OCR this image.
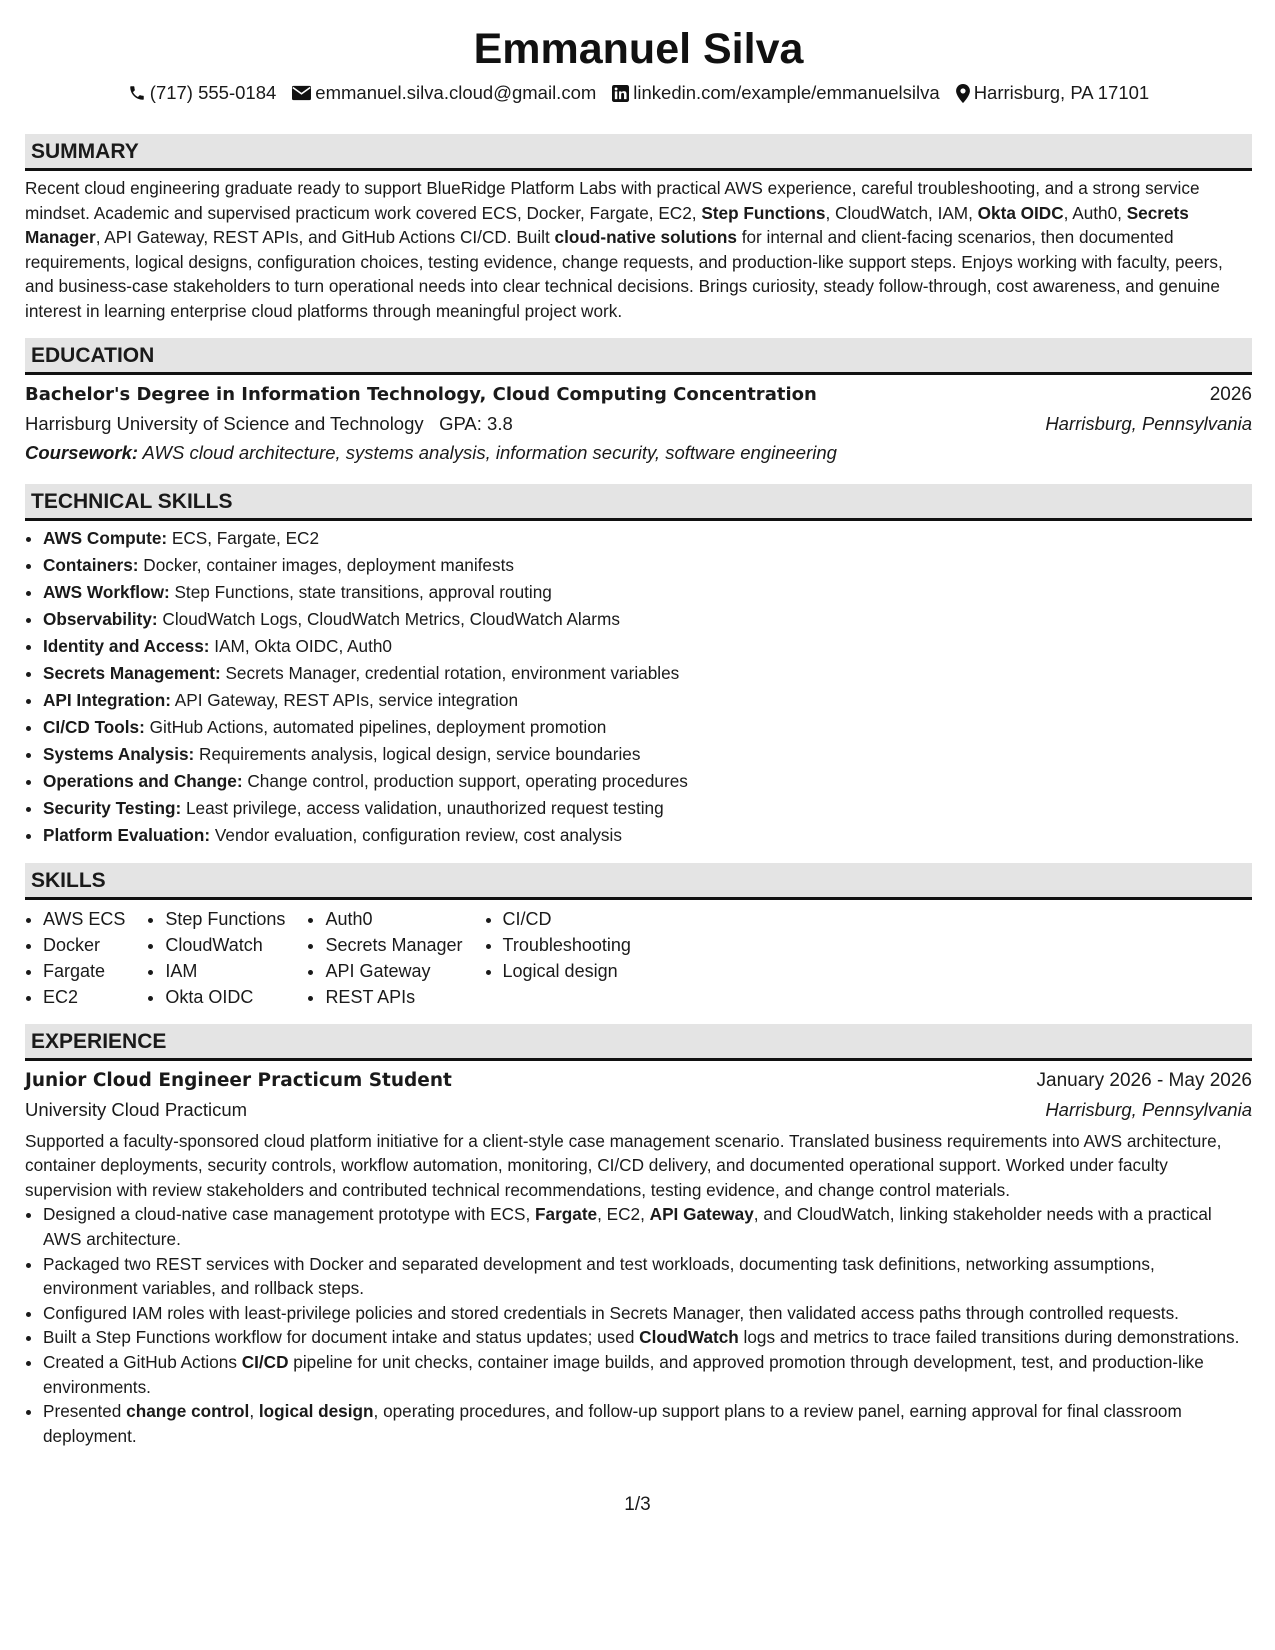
Emmanuel Silva
(717) 555-0184 emmanuel.silva.cloud@gmail.com linkedin.com/example/emmanuelsilva Harrisburg, PA 17101
SUMMARY

Recent cloud engineering graduate ready to support BlueRidge Platform Labs with practical AWS experience, careful troubleshooting, and a strong service mindset. Academic and supervised practicum work covered ECS, Docker, Fargate, EC2, Step Functions, CloudWatch, IAM, Okta OIDC, Auth0, Secrets Manager, API Gateway, REST APIs, and GitHub Actions CI/CD. Built cloud-native solutions for internal and client-facing scenarios, then documented requirements, logical designs, configuration choices, testing evidence, change requests, and production-like support steps. Enjoys working with faculty, peers, and business-case stakeholders to turn operational needs into clear technical decisions. Brings curiosity, steady follow-through, cost awareness, and genuine interest in learning enterprise cloud platforms through meaningful project work.

EDUCATION
Bachelor's Degree in Information Technology, Cloud Computing Concentration	2026
Harrisburg University of Science and Technology GPA: 3.8	Harrisburg, Pennsylvania
Coursework: AWS cloud architecture, systems analysis, information security, software engineering
TECHNICAL SKILLS
• AWS Compute: ECS, Fargate, EC2
• Containers: Docker, container images, deployment manifests
• AWS Workflow: Step Functions, state transitions, approval routing
• Observability: CloudWatch Logs, CloudWatch Metrics, CloudWatch Alarms
• Identity and Access: IAM, Okta OIDC, Auth0
• Secrets Management: Secrets Manager, credential rotation, environment variables
• API Integration: API Gateway, REST APIs, service integration
• CI/CD Tools: GitHub Actions, automated pipelines, deployment promotion
• Systems Analysis: Requirements analysis, logical design, service boundaries
• Operations and Change: Change control, production support, operating procedures
• Security Testing: Least privilege, access validation, unauthorized request testing
• Platform Evaluation: Vendor evaluation, configuration review, cost analysis
SKILLS
• AWS ECS
• Docker
• Fargate
• EC2
• Step Functions
• CloudWatch
• IAM
• Okta OIDC
• Auth0
• Secrets Manager
• API Gateway
• REST APIs
• CI/CD
• Troubleshooting
• Logical design
EXPERIENCE
Junior Cloud Engineer Practicum Student	January 2026 - May 2026
University Cloud Practicum	Harrisburg, Pennsylvania
Supported a faculty-sponsored cloud platform initiative for a client-style case management scenario. Translated business requirements into AWS architecture, container deployments, security controls, workflow automation, monitoring, CI/CD delivery, and documented operational support. Worked under faculty supervision with review stakeholders and contributed technical recommendations, testing evidence, and change control materials.
• Designed a cloud-native case management prototype with ECS, Fargate, EC2, API Gateway, and CloudWatch, linking stakeholder needs with a practical AWS architecture.
• Packaged two REST services with Docker and separated development and test workloads, documenting task definitions, networking assumptions, environment variables, and rollback steps.
• Configured IAM roles with least-privilege policies and stored credentials in Secrets Manager, then validated access paths through controlled requests.
• Built a Step Functions workflow for document intake and status updates; used CloudWatch logs and metrics to trace failed transitions during demonstrations.
• Created a GitHub Actions CI/CD pipeline for unit checks, container image builds, and approved promotion through development, test, and production-like environments.
• Presented change control, logical design, operating procedures, and follow-up support plans to a review panel, earning approval for final classroom deployment.
1/3
